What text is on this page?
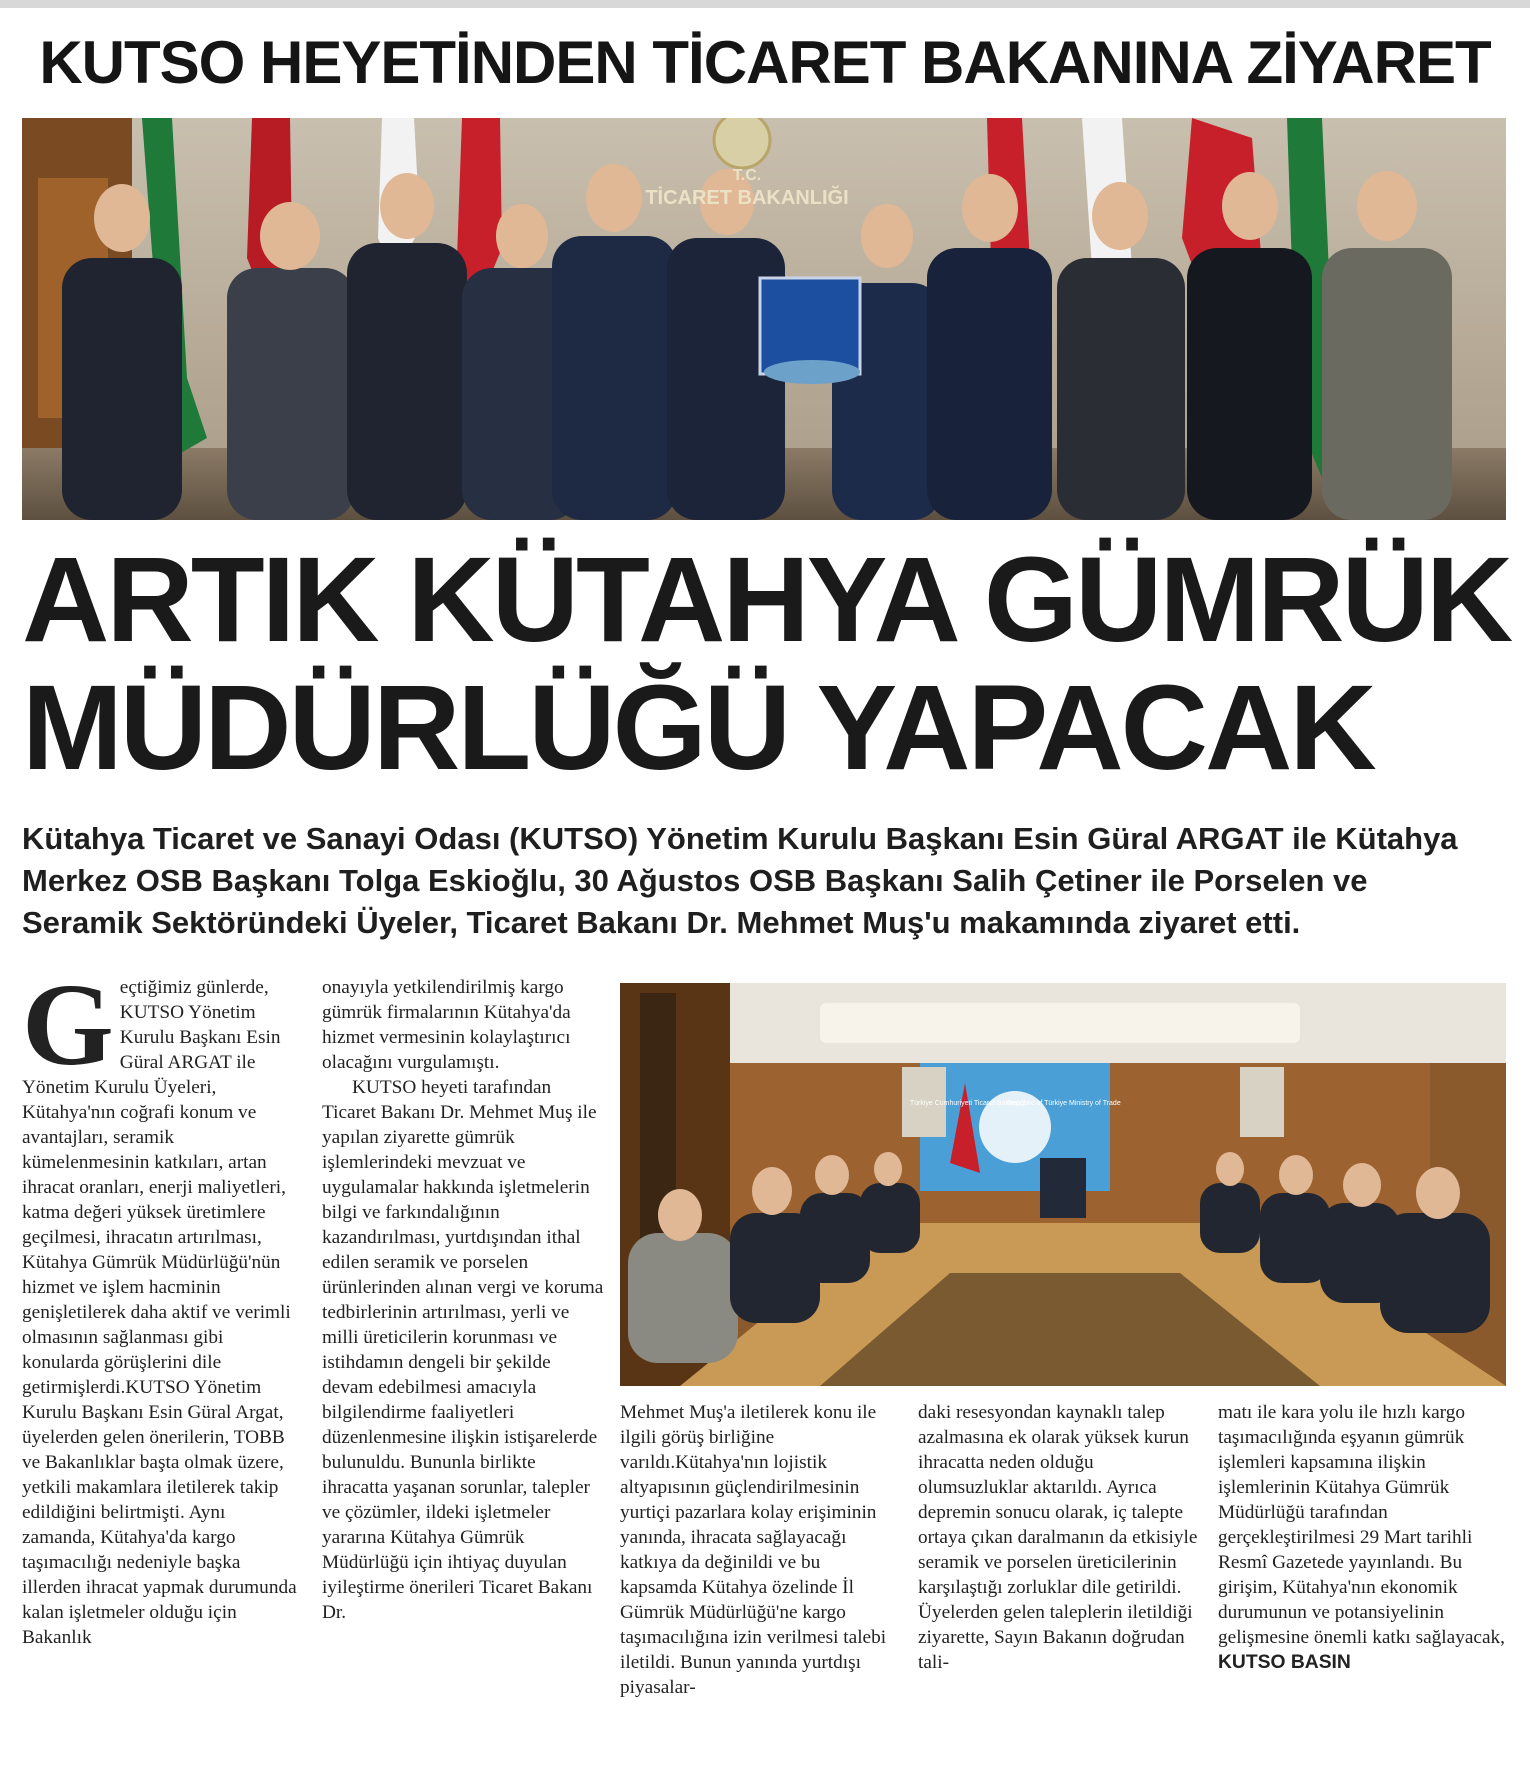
KUTSO HEYETİNDEN TİCARET BAKANINA ZİYARET
T.C.
TİCARET BAKANLIĞI
ARTIK KÜTAHYA GÜMRÜK
MÜDÜRLÜĞÜ YAPACAK
Kütahya Ticaret ve Sanayi Odası (KUTSO) Yönetim Kurulu Başkanı Esin Güral ARGAT ile Kütahya Merkez OSB Başkanı Tolga Eskioğlu, 30 Ağustos OSB Başkanı Salih Çetiner ile Porselen ve Seramik Sektöründeki Üyeler, Ticaret Bakanı Dr. Mehmet Muş'u makamında ziyaret etti.
Geçtiğimiz günlerde, KUTSO Yönetim Kurulu Başkanı Esin Güral ARGAT ile Yönetim Kurulu Üyeleri, Kütahya'nın coğrafi konum ve avantajları, seramik kümelenmesinin katkıları, artan ihracat oranları, enerji maliyetleri, katma değeri yüksek üretimlere geçilmesi, ihracatın artırılması, Kütahya Gümrük Müdürlüğü'nün hizmet ve işlem hacminin genişletilerek daha aktif ve verimli olmasının sağlanması gibi konularda görüşlerini dile getirmişlerdi.KUTSO Yönetim Kurulu Başkanı Esin Güral Argat, üyelerden gelen önerilerin, TOBB ve Bakanlıklar başta olmak üzere, yetkili makamlara iletilerek takip edildiğini belirtmişti. Aynı zamanda, Kütahya'da kargo taşımacılığı nedeniyle başka illerden ihracat yapmak durumunda kalan işletmeler olduğu için Bakanlık
onayıyla yetkilendirilmiş kargo gümrük firmalarının Kütahya'da hizmet vermesinin kolaylaştırıcı olacağını vurgulamıştı.
KUTSO heyeti tarafından Ticaret Bakanı Dr. Mehmet Muş ile yapılan ziyarette gümrük işlemlerindeki mevzuat ve uygulamalar hakkında işletmelerin bilgi ve farkındalığının kazandırılması, yurtdışından ithal edilen seramik ve porselen ürünlerinden alınan vergi ve koruma tedbirlerinin artırılması, yerli ve milli üreticilerin korunması ve istihdamın dengeli bir şekilde devam edebilmesi amacıyla bilgilendirme faaliyetleri düzenlenmesine ilişkin istişarelerde bulunuldu. Bununla birlikte ihracatta yaşanan sorunlar, talepler ve çözümler, ildeki işletmeler yararına Kütahya Gümrük Müdürlüğü için ihtiyaç duyulan iyileştirme önerileri Ticaret Bakanı Dr.
Türkiye Cumhuriyeti Ticaret Bakanlığı
Republic of Türkiye Ministry of Trade
Mehmet Muş'a iletilerek konu ile ilgili görüş birliğine varıldı.Kütahya'nın lojistik altyapısının güçlendirilmesinin yurtiçi pazarlara kolay erişiminin yanında, ihracata sağlayacağı katkıya da değinildi ve bu kapsamda Kütahya özelinde İl Gümrük Müdürlüğü'ne kargo taşımacılığına izin verilmesi talebi iletildi. Bunun yanında yurtdışı piyasalar-
daki resesyondan kaynaklı talep azalmasına ek olarak yüksek kurun ihracatta neden olduğu olumsuzluklar aktarıldı. Ayrıca depremin sonucu olarak, iç talepte ortaya çıkan daralmanın da etkisiyle seramik ve porselen üreticilerinin karşılaştığı zorluklar dile getirildi. Üyelerden gelen taleplerin iletildiği ziyarette, Sayın Bakanın doğrudan tali-
matı ile kara yolu ile hızlı kargo taşımacılığında eşyanın gümrük işlemleri kapsamına ilişkin işlemlerinin Kütahya Gümrük Müdürlüğü tarafından gerçekleştirilmesi 29 Mart tarihli Resmî Gazetede yayınlandı. Bu girişim, Kütahya'nın ekonomik durumunun ve potansiyelinin gelişmesine önemli katkı sağlayacak,
KUTSO BASIN
